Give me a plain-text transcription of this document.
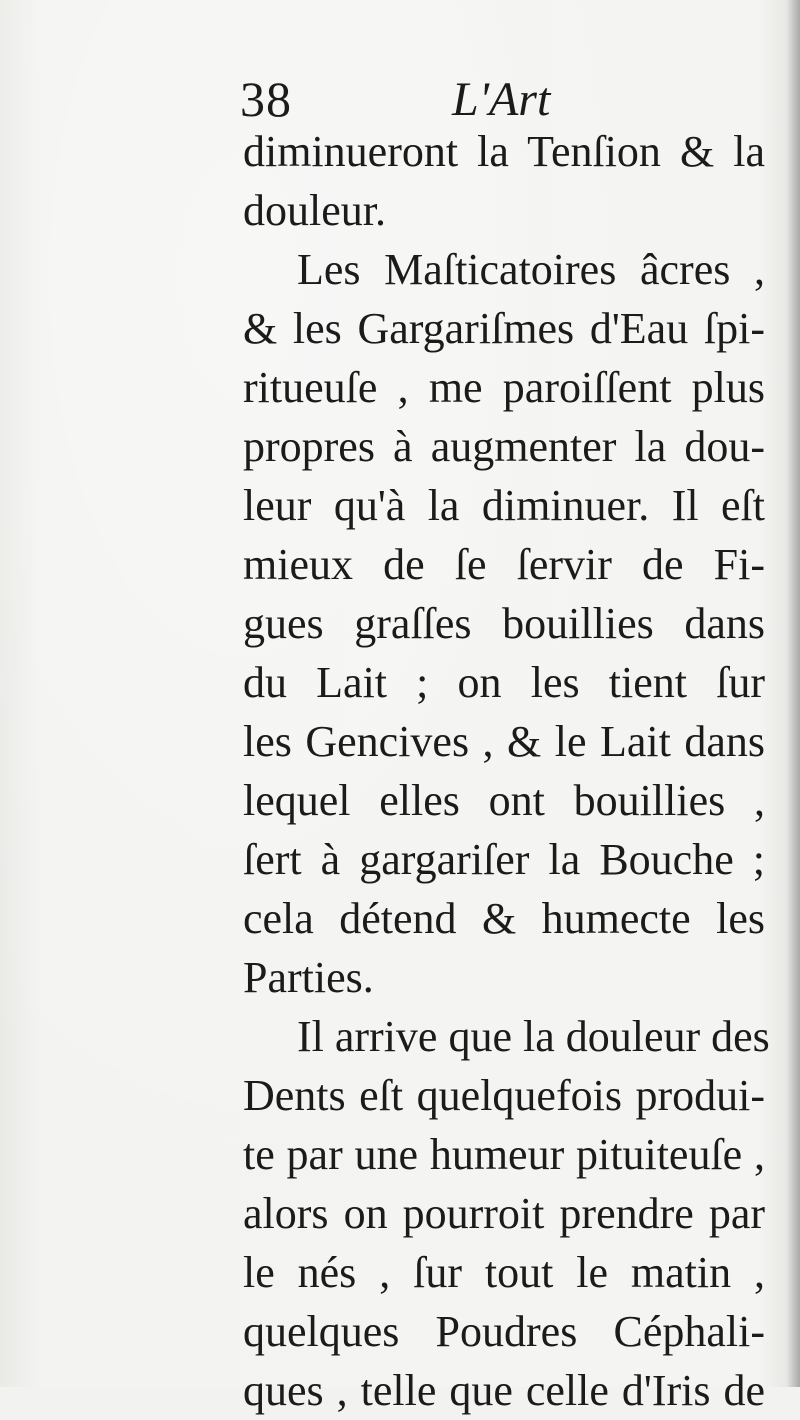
38	L'Art
diminueront la Tenſion & la
douleur.
Les Maſticatoires âcres ,
& les Gargariſmes d'Eau ſpi-
ritueuſe , me paroiſſent plus
propres à augmenter la dou-
leur qu'à la diminuer. Il eſt
mieux de ſe ſervir de Fi-
gues graſſes bouillies dans
du Lait ; on les tient ſur
les Gencives , & le Lait dans
lequel elles ont bouillies ,
ſert à gargariſer la Bouche ;
cela détend & humecte les
Parties.
Il arrive que la douleur des
Dents eſt quelquefois produi-
te par une humeur pituiteuſe ,
alors on pourroit prendre par
le nés , ſur tout le matin ,
quelques Poudres Céphali-
ques , telle que celle d'Iris de
